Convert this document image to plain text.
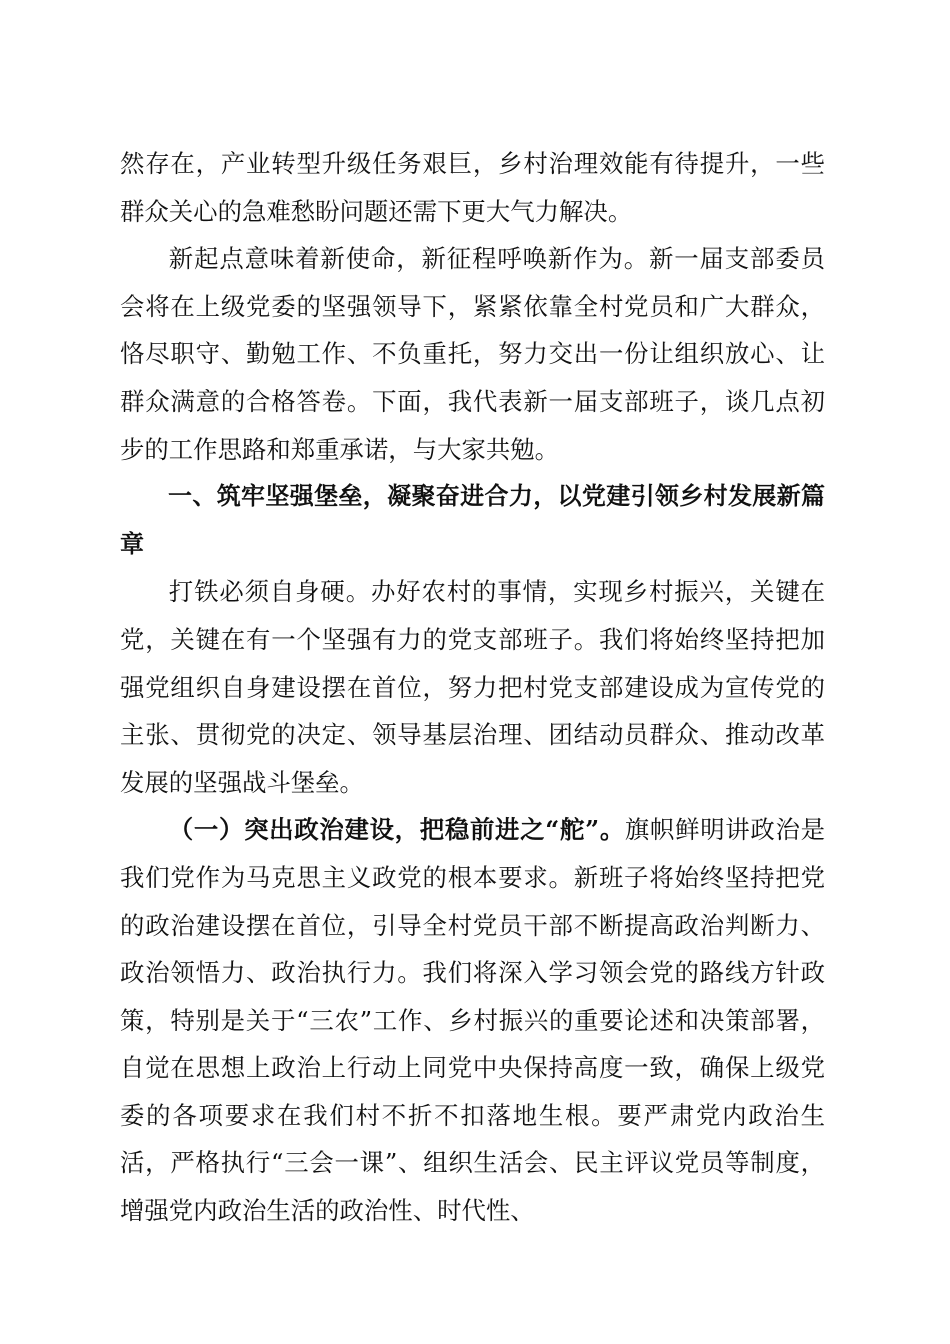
然存在，产业转型升级任务艰巨，乡村治理效能有待提升，一些群众关心的急难愁盼问题还需下更大气力解决。

新起点意味着新使命，新征程呼唤新作为。新一届支部委员会将在上级党委的坚强领导下，紧紧依靠全村党员和广大群众，恪尽职守、勤勉工作、不负重托，努力交出一份让组织放心、让群众满意的合格答卷。下面，我代表新一届支部班子，谈几点初步的工作思路和郑重承诺，与大家共勉。

一、筑牢坚强堡垒，凝聚奋进合力，以党建引领乡村发展新篇章

打铁必须自身硬。办好农村的事情，实现乡村振兴，关键在党，关键在有一个坚强有力的党支部班子。我们将始终坚持把加强党组织自身建设摆在首位，努力把村党支部建设成为宣传党的主张、贯彻党的决定、领导基层治理、团结动员群众、推动改革发展的坚强战斗堡垒。

（一）突出政治建设，把稳前进之“舵”。旗帜鲜明讲政治是我们党作为马克思主义政党的根本要求。新班子将始终坚持把党的政治建设摆在首位，引导全村党员干部不断提高政治判断力、政治领悟力、政治执行力。我们将深入学习领会党的路线方针政策，特别是关于“三农”工作、乡村振兴的重要论述和决策部署，自觉在思想上政治上行动上同党中央保持高度一致，确保上级党委的各项要求在我们村不折不扣落地生根。要严肃党内政治生活，严格执行“三会一课”、组织生活会、民主评议党员等制度，增强党内政治生活的政治性、时代性、
